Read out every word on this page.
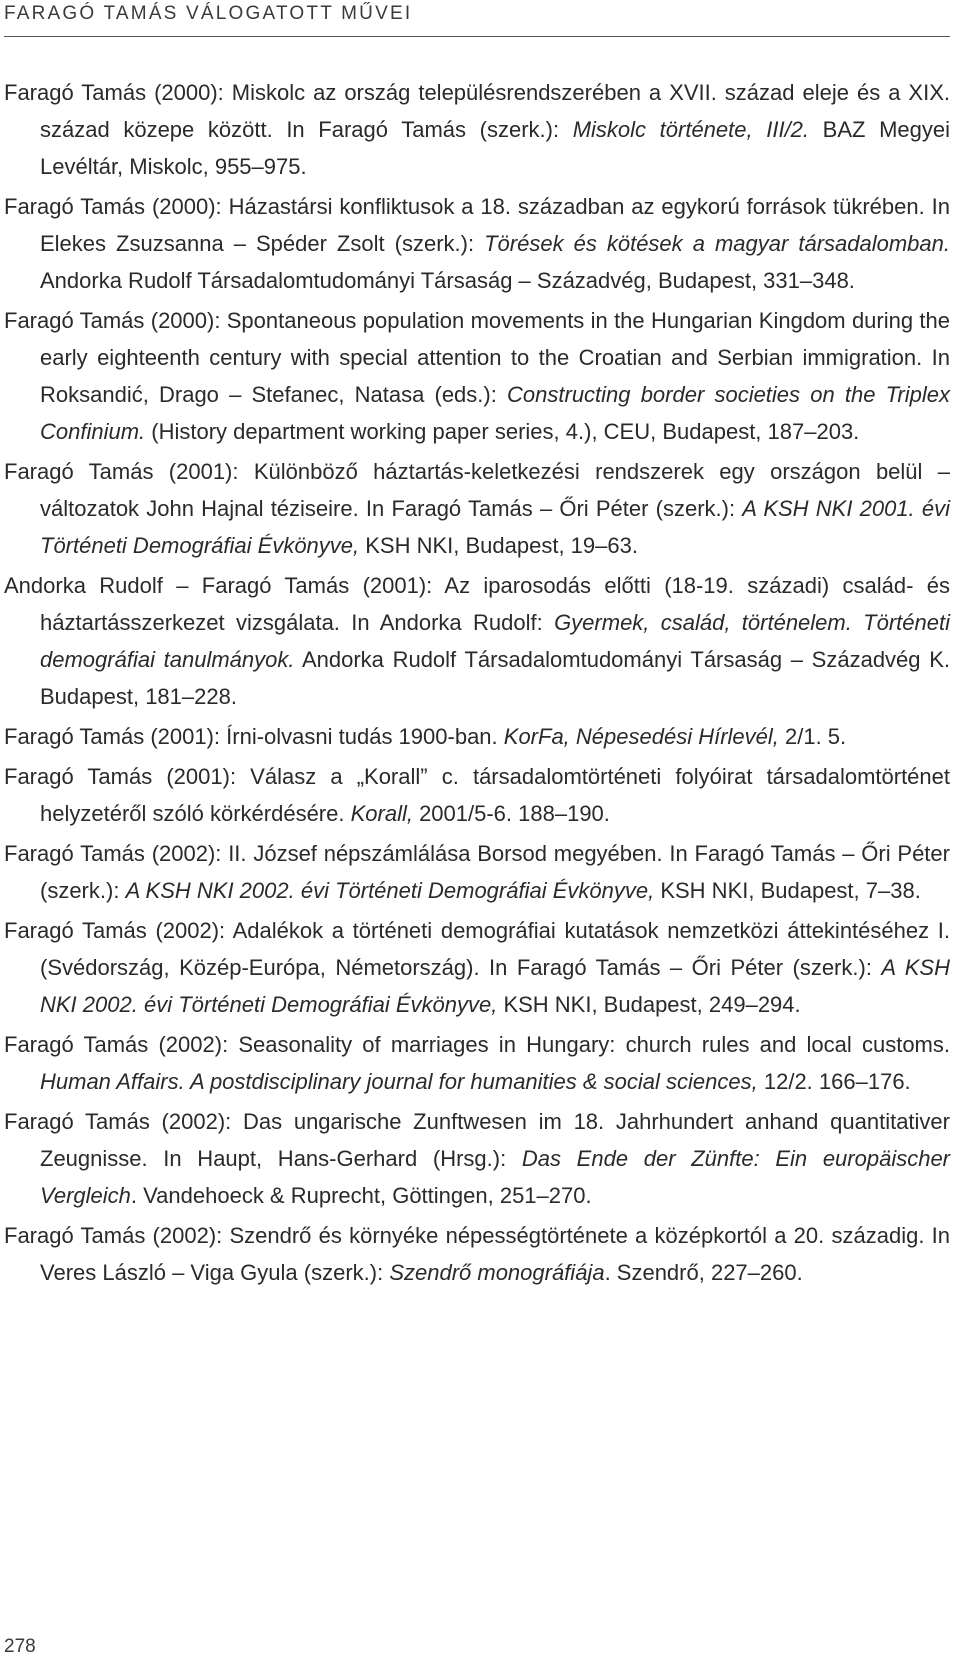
FARAGÓ TAMÁS VÁLOGATOTT MŰVEI
Faragó Tamás (2000): Miskolc az ország településrendszerében a XVII. század eleje és a XIX. század közepe között. In Faragó Tamás (szerk.): Miskolc története, III/2. BAZ Megyei Levéltár, Miskolc, 955–975.
Faragó Tamás (2000): Házastársi konfliktusok a 18. században az egykorú források tükrében. In Elekes Zsuzsanna – Spéder Zsolt (szerk.): Törések és kötések a magyar társadalomban. Andorka Rudolf Társadalomtudományi Társaság – Századvég, Budapest, 331–348.
Faragó Tamás (2000): Spontaneous population movements in the Hungarian Kingdom during the early eighteenth century with special attention to the Croatian and Serbian immigration. In Roksandić, Drago – Stefanec, Natasa (eds.): Constructing border societies on the Triplex Confinium. (History department working paper series, 4.), CEU, Budapest, 187–203.
Faragó Tamás (2001): Különböző háztartás-keletkezési rendszerek egy országon belül – változatok John Hajnal téziseire. In Faragó Tamás – Őri Péter (szerk.): A KSH NKI 2001. évi Történeti Demográfiai Évkönyve, KSH NKI, Budapest, 19–63.
Andorka Rudolf – Faragó Tamás (2001): Az iparosodás előtti (18-19. századi) család- és háztartásszerkezet vizsgálata. In Andorka Rudolf: Gyermek, család, történelem. Történeti demográfiai tanulmányok. Andorka Rudolf Társadalomtudományi Társaság – Századvég K. Budapest, 181–228.
Faragó Tamás (2001): Írni-olvasni tudás 1900-ban. KorFa, Népesedési Hírlevél, 2/1. 5.
Faragó Tamás (2001): Válasz a „Korall” c. társadalomtörténeti folyóirat társadalomtörténet helyzetéről szóló körkérdésére. Korall, 2001/5-6. 188–190.
Faragó Tamás (2002): II. József népszámlálása Borsod megyében. In Faragó Tamás – Őri Péter (szerk.): A KSH NKI 2002. évi Történeti Demográfiai Évkönyve, KSH NKI, Budapest, 7–38.
Faragó Tamás (2002): Adalékok a történeti demográfiai kutatások nemzetközi áttekintéséhez I. (Svédország, Közép-Európa, Németország). In Faragó Tamás – Őri Péter (szerk.): A KSH NKI 2002. évi Történeti Demográfiai Évkönyve, KSH NKI, Budapest, 249–294.
Faragó Tamás (2002): Seasonality of marriages in Hungary: church rules and local customs. Human Affairs. A postdisciplinary journal for humanities & social sciences, 12/2. 166–176.
Faragó Tamás (2002): Das ungarische Zunftwesen im 18. Jahrhundert anhand quantitativer Zeugnisse. In Haupt, Hans-Gerhard (Hrsg.): Das Ende der Zünfte: Ein europäischer Vergleich. Vandehoeck & Ruprecht, Göttingen, 251–270.
Faragó Tamás (2002): Szendrő és környéke népességtörténete a középkortól a 20. századig. In Veres László – Viga Gyula (szerk.): Szendrő monográfiája. Szendrő, 227–260.
278
